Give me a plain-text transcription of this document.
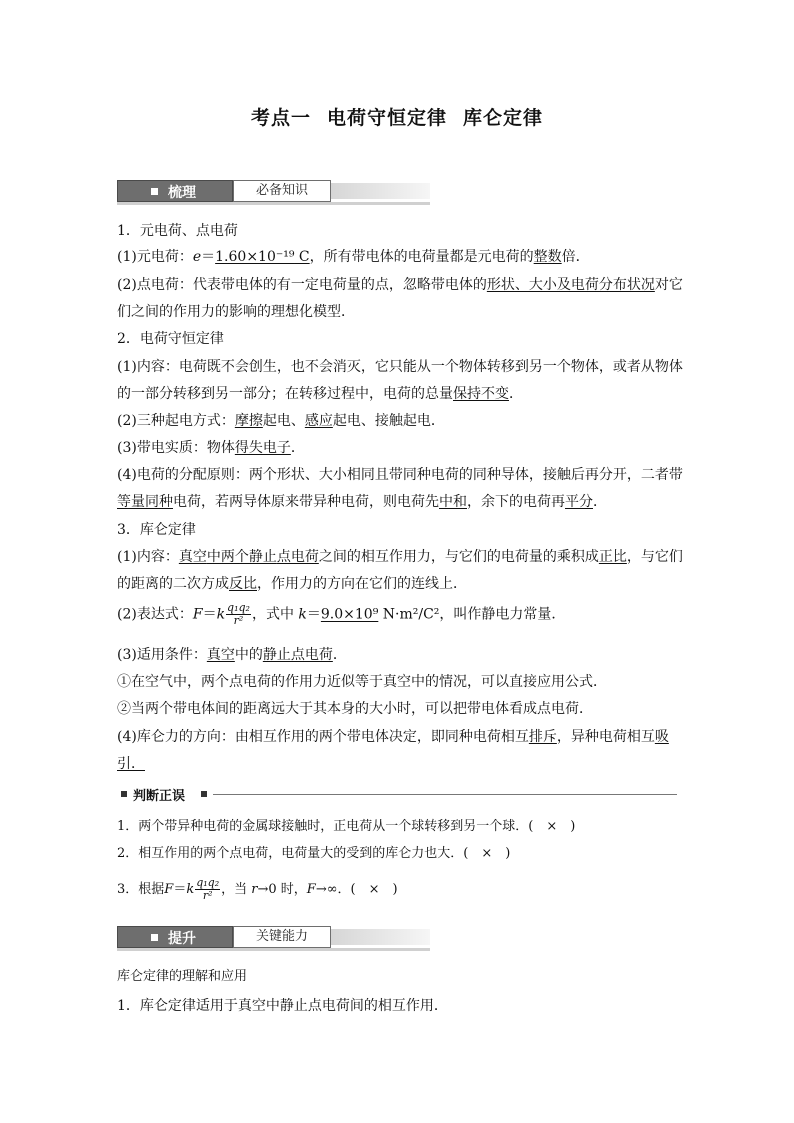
考点一 电荷守恒定律 库仑定律
梳理	必备知识
1．元电荷、点电荷
(1)元电荷：e＝1.60×10⁻¹⁹ C，所有带电体的电荷量都是元电荷的整数倍．
(2)点电荷：代表带电体的有一定电荷量的点，忽略带电体的形状、大小及电荷分布状况对它
们之间的作用力的影响的理想化模型．
2．电荷守恒定律
(1)内容：电荷既不会创生，也不会消灭，它只能从一个物体转移到另一个物体，或者从物体
的一部分转移到另一部分；在转移过程中，电荷的总量保持不变．
(2)三种起电方式：摩擦起电、感应起电、接触起电．
(3)带电实质：物体得失电子．
(4)电荷的分配原则：两个形状、大小相同且带同种电荷的同种导体，接触后再分开，二者带
等量同种电荷，若两导体原来带异种电荷，则电荷先中和，余下的电荷再平分．
3．库仑定律
(1)内容：真空中两个静止点电荷之间的相互作用力，与它们的电荷量的乘积成正比，与它们
的距离的二次方成反比，作用力的方向在它们的连线上．
(2)表达式：$F=k \frac{\text{q₁q₂}}{\text{r²}}$ ，式中 k＝9.0×10⁹ N·m²/C²，叫作静电力常量．
(3)适用条件：真空中的静止点电荷．
①在空气中，两个点电荷的作用力近似等于真空中的情况，可以直接应用公式．
②当两个带电体间的距离远大于其本身的大小时，可以把带电体看成点电荷．
(4)库仑力的方向：由相互作用的两个带电体决定，即同种电荷相互排斥，异种电荷相互吸
引．
判断正误
1．两个带异种电荷的金属球接触时，正电荷从一个球转移到另一个球．(　×　)
2．相互作用的两个点电荷，电荷量大的受到的库仑力也大．(　×　)
3．根据$F=k \frac{\text{q₁q₂}}{\text{r²}}$ ，当 r→0 时，F→∞．(　×　)
提升	关键能力
库仑定律的理解和应用
1．库仑定律适用于真空中静止点电荷间的相互作用．
